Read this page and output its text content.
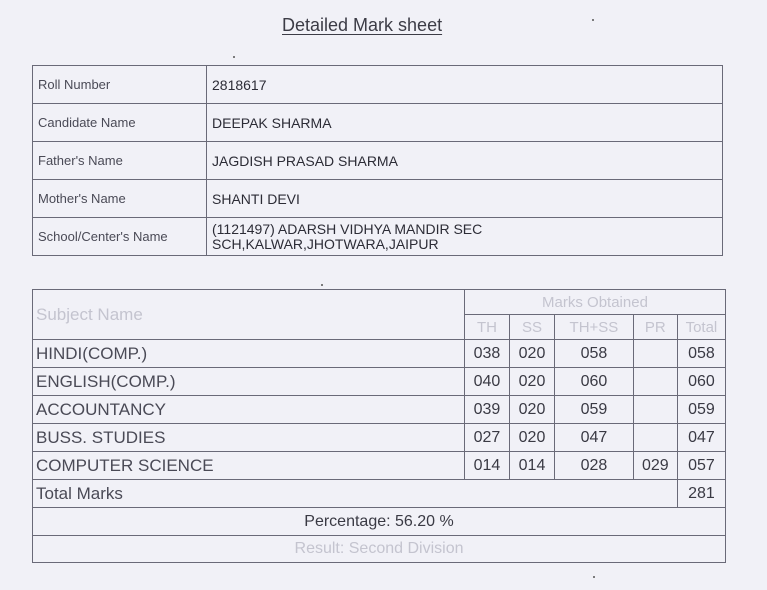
Detailed Mark sheet
Roll Number	2818617
Candidate Name	DEEPAK SHARMA
Father's Name	JAGDISH PRASAD SHARMA
Mother's Name	SHANTI DEVI
School/Center's Name	(1121497) ADARSH VIDHYA MANDIR SEC
SCH,KALWAR,JHOTWARA,JAIPUR
Subject Name	Marks Obtained				
	TH	SS	TH+SS	PR	Total
HINDI(COMP.)	038	020	058		058
ENGLISH(COMP.)	040	020	060		060
ACCOUNTANCY	039	020	059		059
BUSS. STUDIES	027	020	047		047
COMPUTER SCIENCE	014	014	028	029	057
Total Marks					281
Percentage: 56.20 %					
Result: Second Division					
